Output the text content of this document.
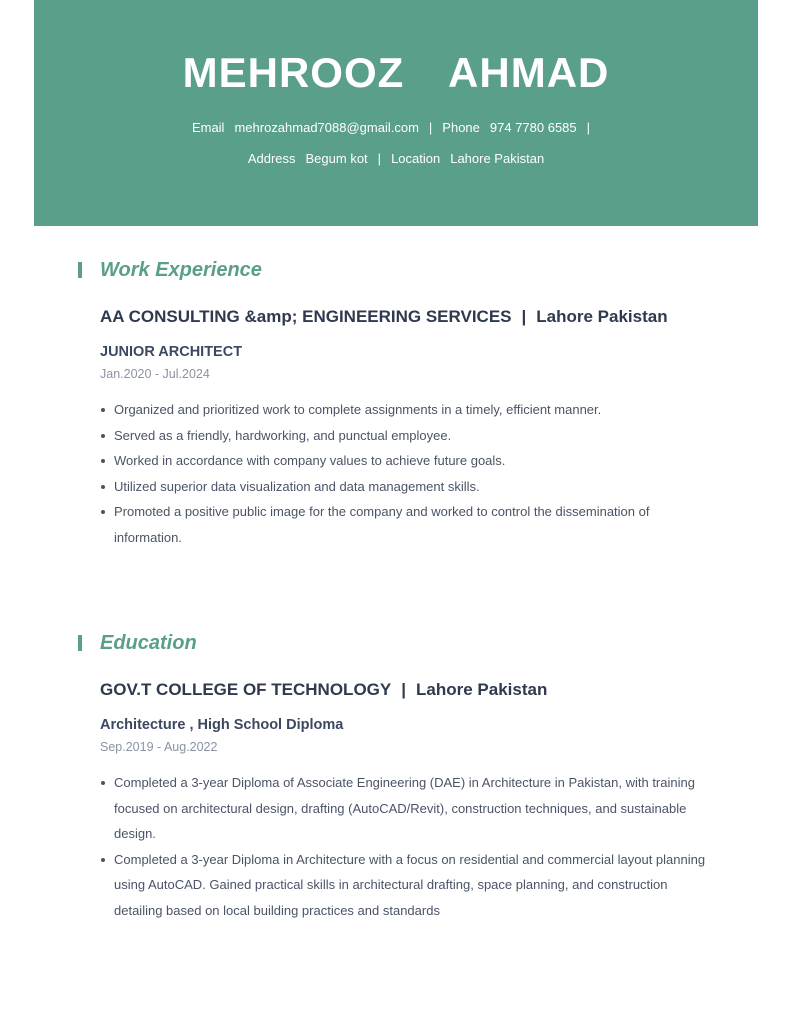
MEHROOZ  AHMAD
Email mehrozahmad7088@gmail.com | Phone 974 7780 6585 |
Address Begum kot | Location Lahore Pakistan
Work Experience
AA CONSULTING &amp; ENGINEERING SERVICES | Lahore Pakistan
JUNIOR ARCHITECT
Jan.2020 - Jul.2024
Organized and prioritized work to complete assignments in a timely, efficient manner.
Served as a friendly, hardworking, and punctual employee.
Worked in accordance with company values to achieve future goals.
Utilized superior data visualization and data management skills.
Promoted a positive public image for the company and worked to control the dissemination of information.
Education
GOV.T COLLEGE OF TECHNOLOGY | Lahore Pakistan
Architecture , High School Diploma
Sep.2019 - Aug.2022
Completed a 3-year Diploma of Associate Engineering (DAE) in Architecture in Pakistan, with training focused on architectural design, drafting (AutoCAD/Revit), construction techniques, and sustainable design.
Completed a 3-year Diploma in Architecture with a focus on residential and commercial layout planning using AutoCAD. Gained practical skills in architectural drafting, space planning, and construction detailing based on local building practices and standards
